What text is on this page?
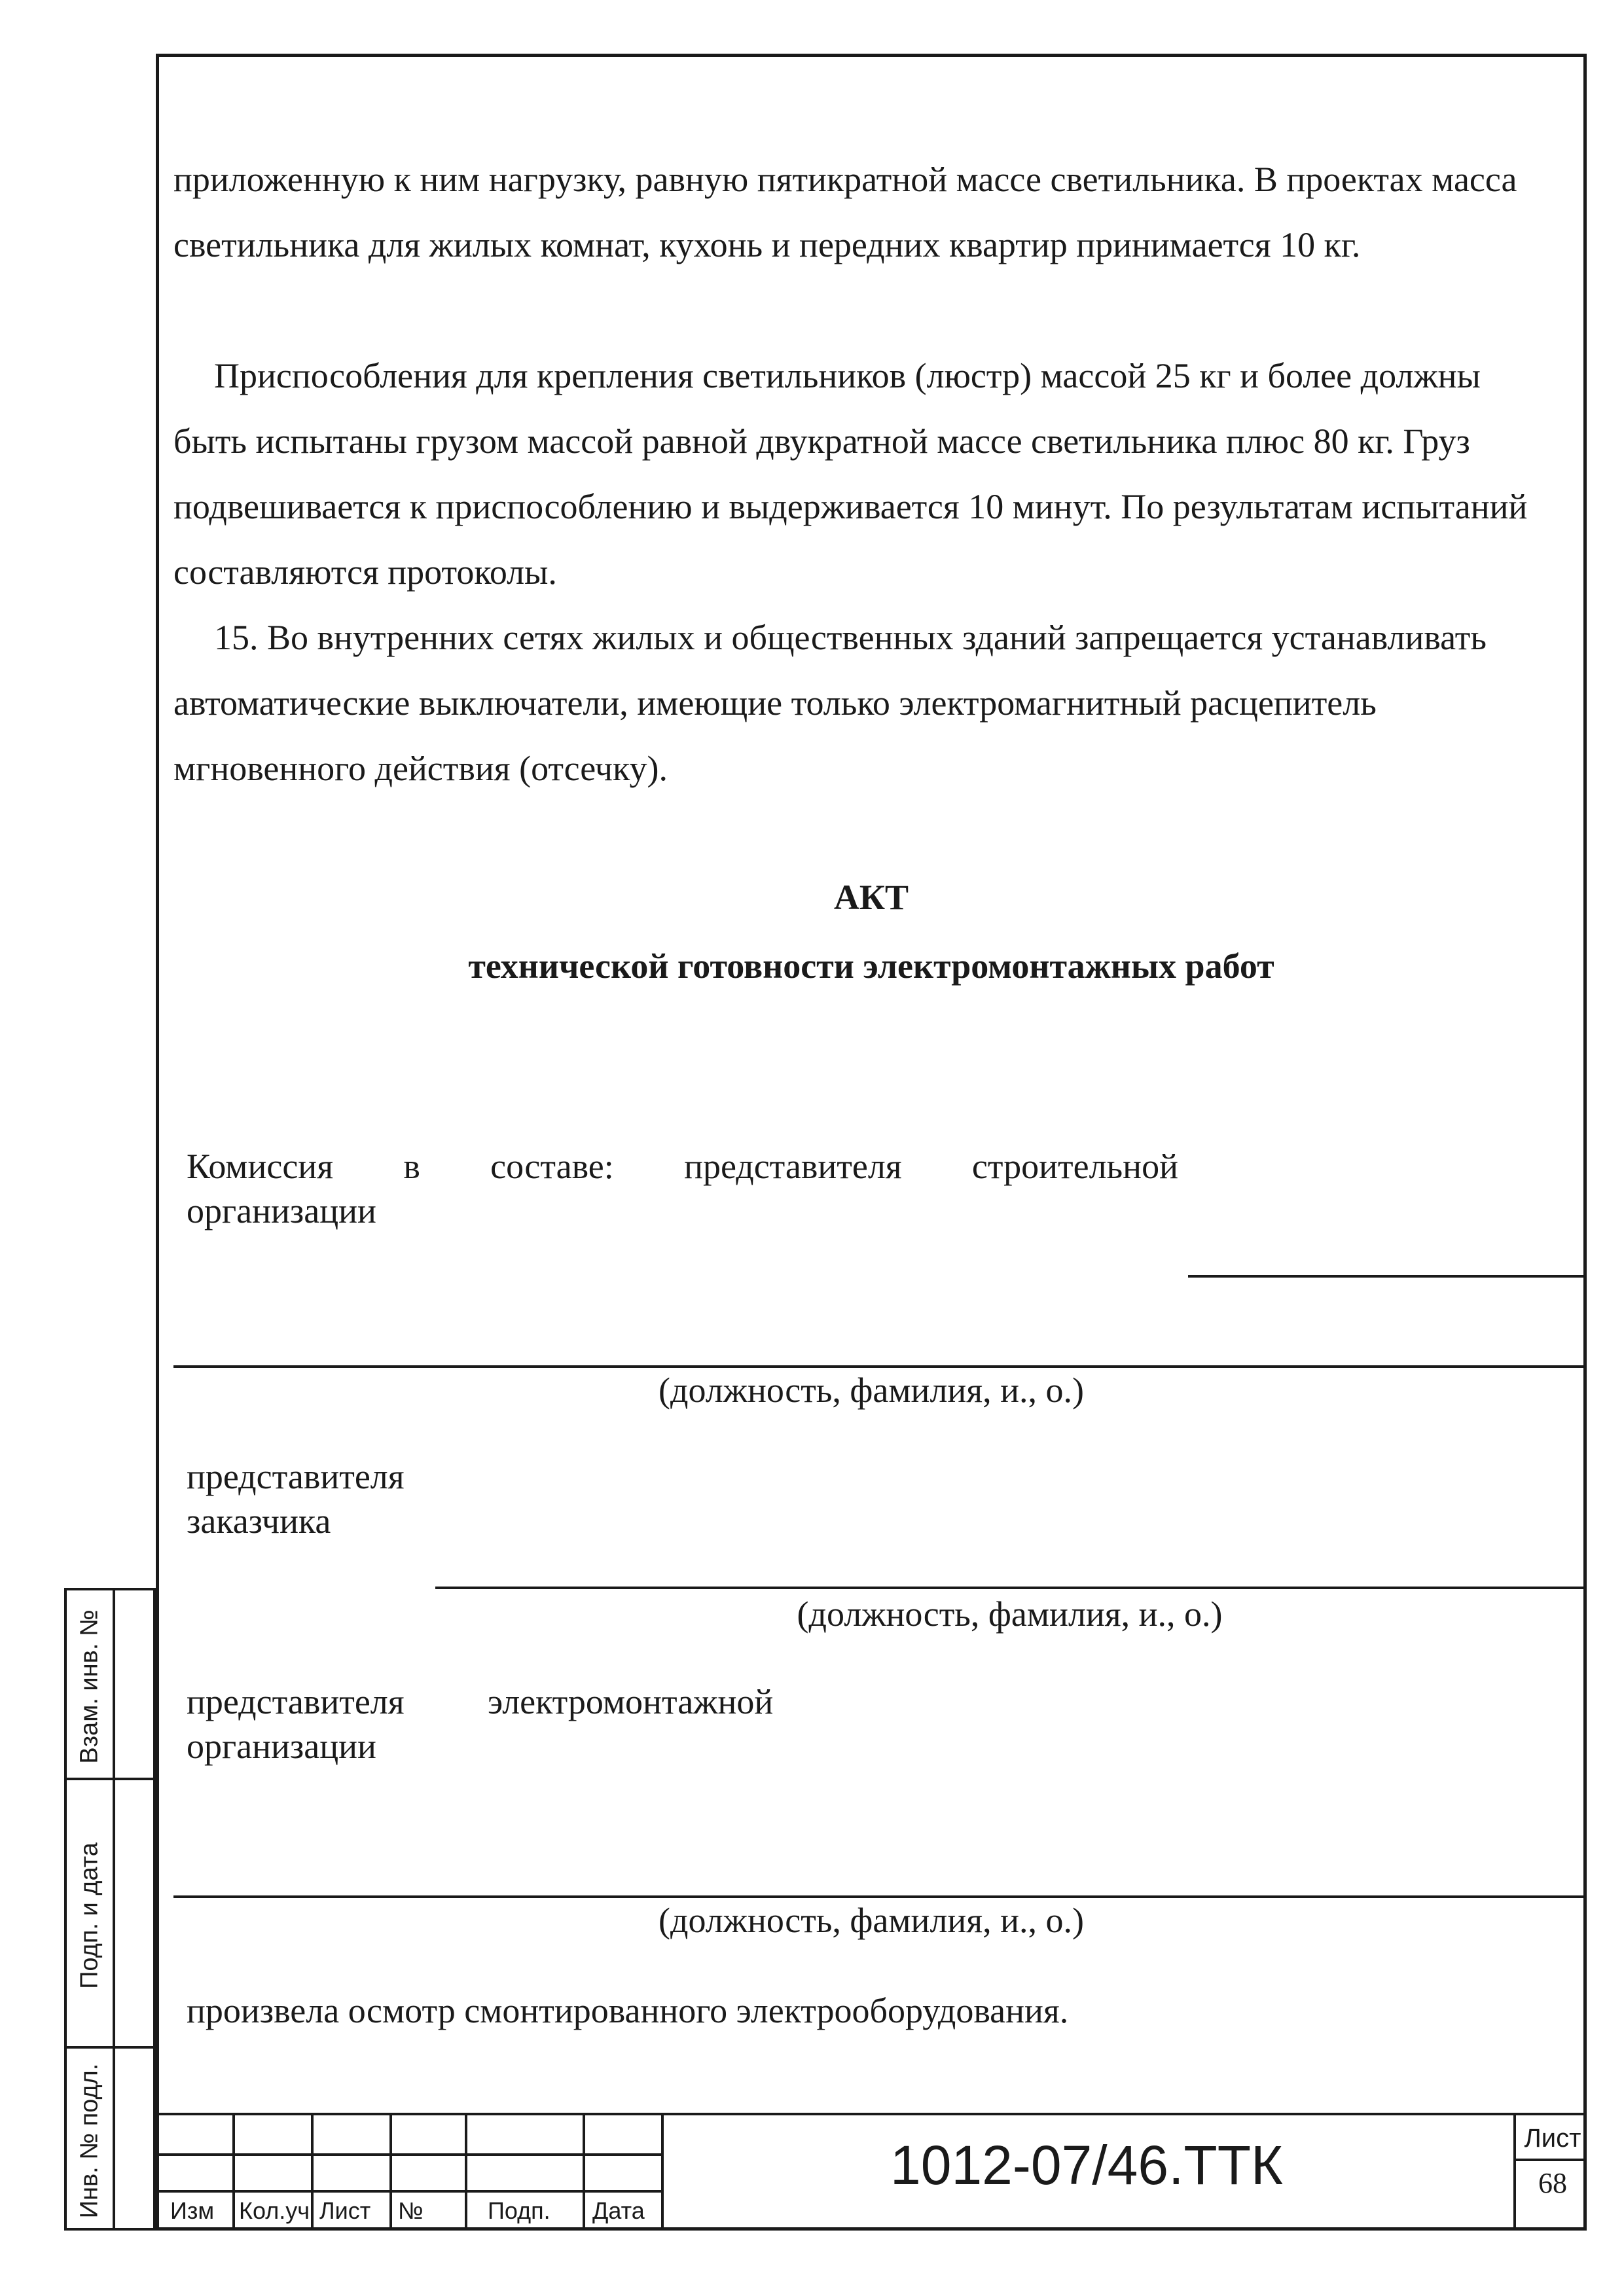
приложенную к ним нагрузку, равную пятикратной массе светильника. В проектах масса светильника для жилых комнат, кухонь и передних квартир принимается 10 кг.
Приспособления для крепления светильников (люстр) массой 25 кг и более должны быть испытаны грузом массой равной двукратной массе светильника плюс 80 кг. Груз подвешивается к приспособлению и выдерживается 10 минут. По результатам испытаний составляются протоколы.
15. Во внутренних сетях жилых и общественных зданий запрещается устанавливать автоматические выключатели, имеющие только электромагнитный расцепитель мгновенного действия (отсечку).
АКТ
технической готовности электромонтажных работ
Комиссия в составе: представителя строительной
организации
(должность, фамилия, и., о.)
представителя
заказчика
(должность, фамилия, и., о.)
представителя электромонтажной
организации
(должность, фамилия, и., о.)
произвела осмотр смонтированного электрооборудования.
Взам. инв. №
Подп. и дата
Инв. № подл.	Изм Кол.уч Лист №	Подп. Дата
1012-07/46.ТТК	Лист
68
